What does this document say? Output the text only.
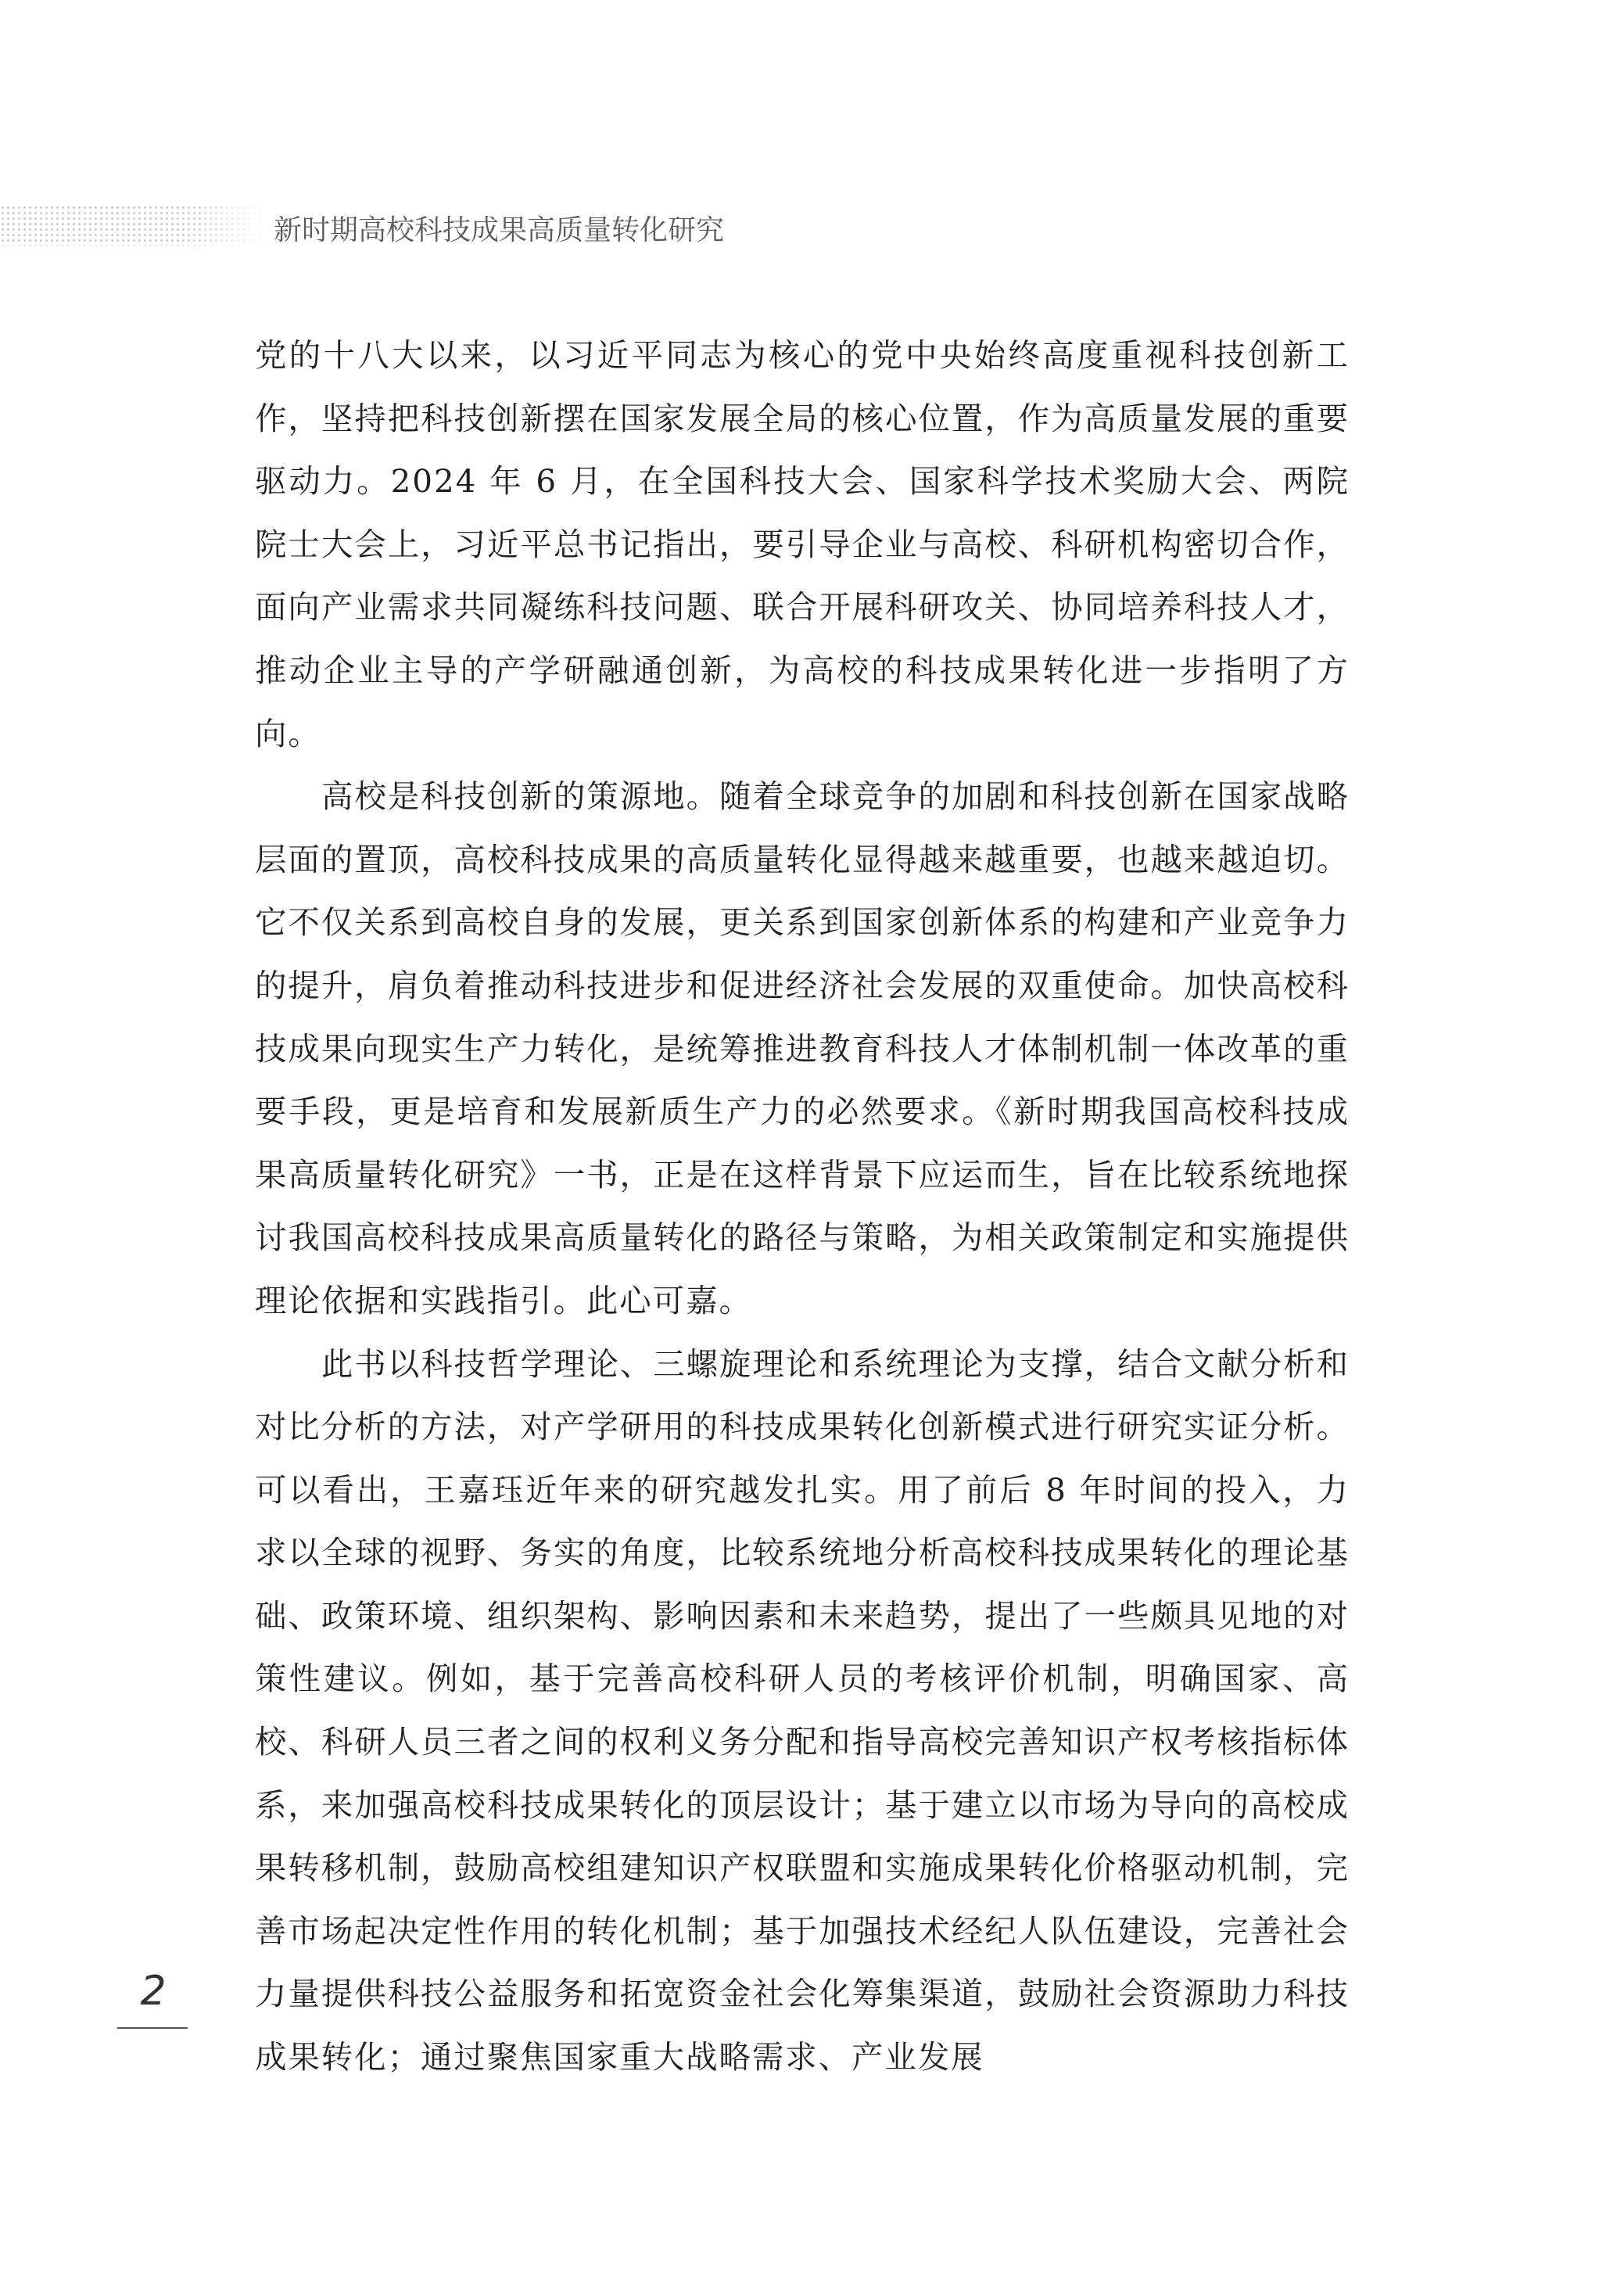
新时期高校科技成果高质量转化研究

党的十八大以来，以习近平同志为核心的党中央始终高度重视科技创新工作，坚持把科技创新摆在国家发展全局的核心位置，作为高质量发展的重要驱动力。2024 年 6 月，在全国科技大会、国家科学技术奖励大会、两院院士大会上，习近平总书记指出，要引导企业与高校、科研机构密切合作，面向产业需求共同凝练科技问题、联合开展科研攻关、协同培养科技人才，推动企业主导的产学研融通创新，为高校的科技成果转化进一步指明了方向。

高校是科技创新的策源地。随着全球竞争的加剧和科技创新在国家战略层面的置顶，高校科技成果的高质量转化显得越来越重要，也越来越迫切。它不仅关系到高校自身的发展，更关系到国家创新体系的构建和产业竞争力的提升，肩负着推动科技进步和促进经济社会发展的双重使命。加快高校科技成果向现实生产力转化，是统筹推进教育科技人才体制机制一体改革的重要手段，更是培育和发展新质生产力的必然要求。《新时期我国高校科技成果高质量转化研究》一书，正是在这样背景下应运而生，旨在比较系统地探讨我国高校科技成果高质量转化的路径与策略，为相关政策制定和实施提供理论依据和实践指引。此心可嘉。

此书以科技哲学理论、三螺旋理论和系统理论为支撑，结合文献分析和对比分析的方法，对产学研用的科技成果转化创新模式进行研究实证分析。可以看出，王嘉珏近年来的研究越发扎实。用了前后 8 年时间的投入，力求以全球的视野、务实的角度，比较系统地分析高校科技成果转化的理论基础、政策环境、组织架构、影响因素和未来趋势，提出了一些颇具见地的对策性建议。例如，基于完善高校科研人员的考核评价机制，明确国家、高校、科研人员三者之间的权利义务分配和指导高校完善知识产权考核指标体系，来加强高校科技成果转化的顶层设计；基于建立以市场为导向的高校成果转移机制，鼓励高校组建知识产权联盟和实施成果转化价格驱动机制，完善市场起决定性作用的转化机制；基于加强技术经纪人队伍建设，完善社会力量提供科技公益服务和拓宽资金社会化筹集渠道，鼓励社会资源助力科技成果转化；通过聚焦国家重大战略需求、产业发展

2
